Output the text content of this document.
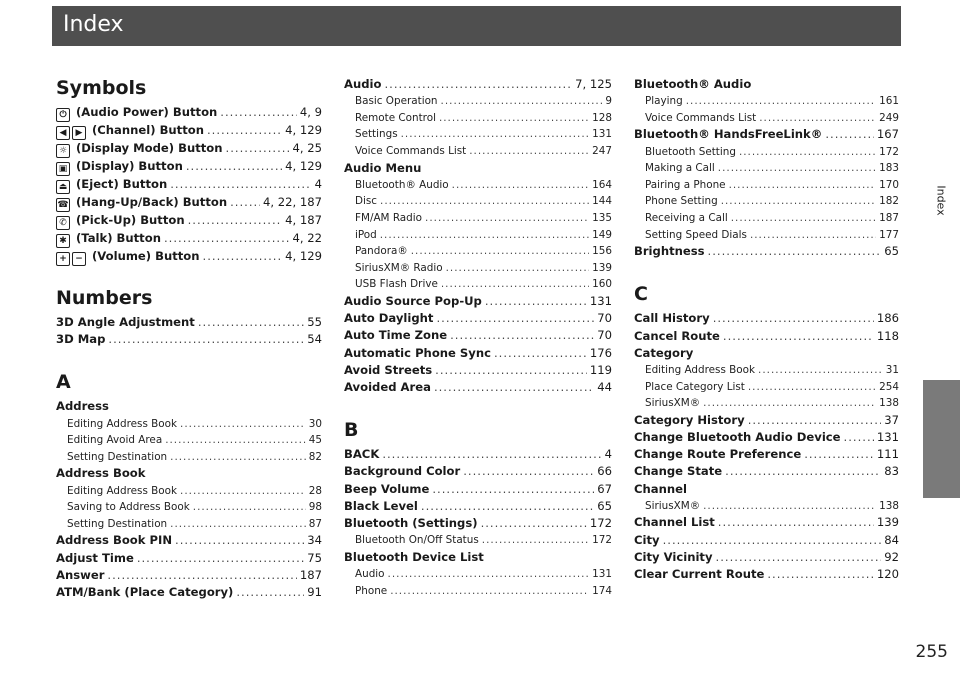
Index
Index
255
Symbols
⏻ (Audio Power) Button .....	4, 9
◀ ▶ (Channel) Button .....	4, 129
☼ (Display Mode) Button .....	4, 25
▣ (Display) Button .....	4, 129
⏏ (Eject) Button .....	4
☎ (Hang-Up/Back) Button .....	4, 22, 187
✆ (Pick-Up) Button .....	4, 187
✱ (Talk) Button .....	4, 22
+ − (Volume) Button .....	4, 129
Numbers
3D Angle Adjustment .....	55
3D Map .....	54
A
Address
Editing Address Book .....	30
Editing Avoid Area .....	45
Setting Destination .....	82
Address Book
Editing Address Book .....	28
Saving to Address Book .....	98
Setting Destination .....	87
Address Book PIN .....	34
Adjust Time .....	75
Answer .....	187
ATM/Bank (Place Category) .....	91
Audio .....	7, 125
Basic Operation .....	9
Remote Control .....	128
Settings .....	131
Voice Commands List .....	247
Audio Menu
Bluetooth® Audio .....	164
Disc .....	144
FM/AM Radio .....	135
iPod .....	149
Pandora® .....	156
SiriusXM® Radio .....	139
USB Flash Drive .....	160
Audio Source Pop-Up .....	131
Auto Daylight .....	70
Auto Time Zone .....	70
Automatic Phone Sync .....	176
Avoid Streets .....	119
Avoided Area .....	44
B
BACK .....	4
Background Color .....	66
Beep Volume .....	67
Black Level .....	65
Bluetooth (Settings) .....	172
Bluetooth On/Off Status .....	172
Bluetooth Device List
Audio .....	131
Phone .....	174
Bluetooth® Audio
Playing .....	161
Voice Commands List .....	249
Bluetooth® HandsFreeLink® .....	167
Bluetooth Setting .....	172
Making a Call .....	183
Pairing a Phone .....	170
Phone Setting .....	182
Receiving a Call .....	187
Setting Speed Dials .....	177
Brightness .....	65
C
Call History .....	186
Cancel Route .....	118
Category
Editing Address Book .....	31
Place Category List .....	254
SiriusXM® .....	138
Category History .....	37
Change Bluetooth Audio Device .....	131
Change Route Preference .....	111
Change State .....	83
Channel
SiriusXM® .....	138
Channel List .....	139
City .....	84
City Vicinity .....	92
Clear Current Route .....	120
